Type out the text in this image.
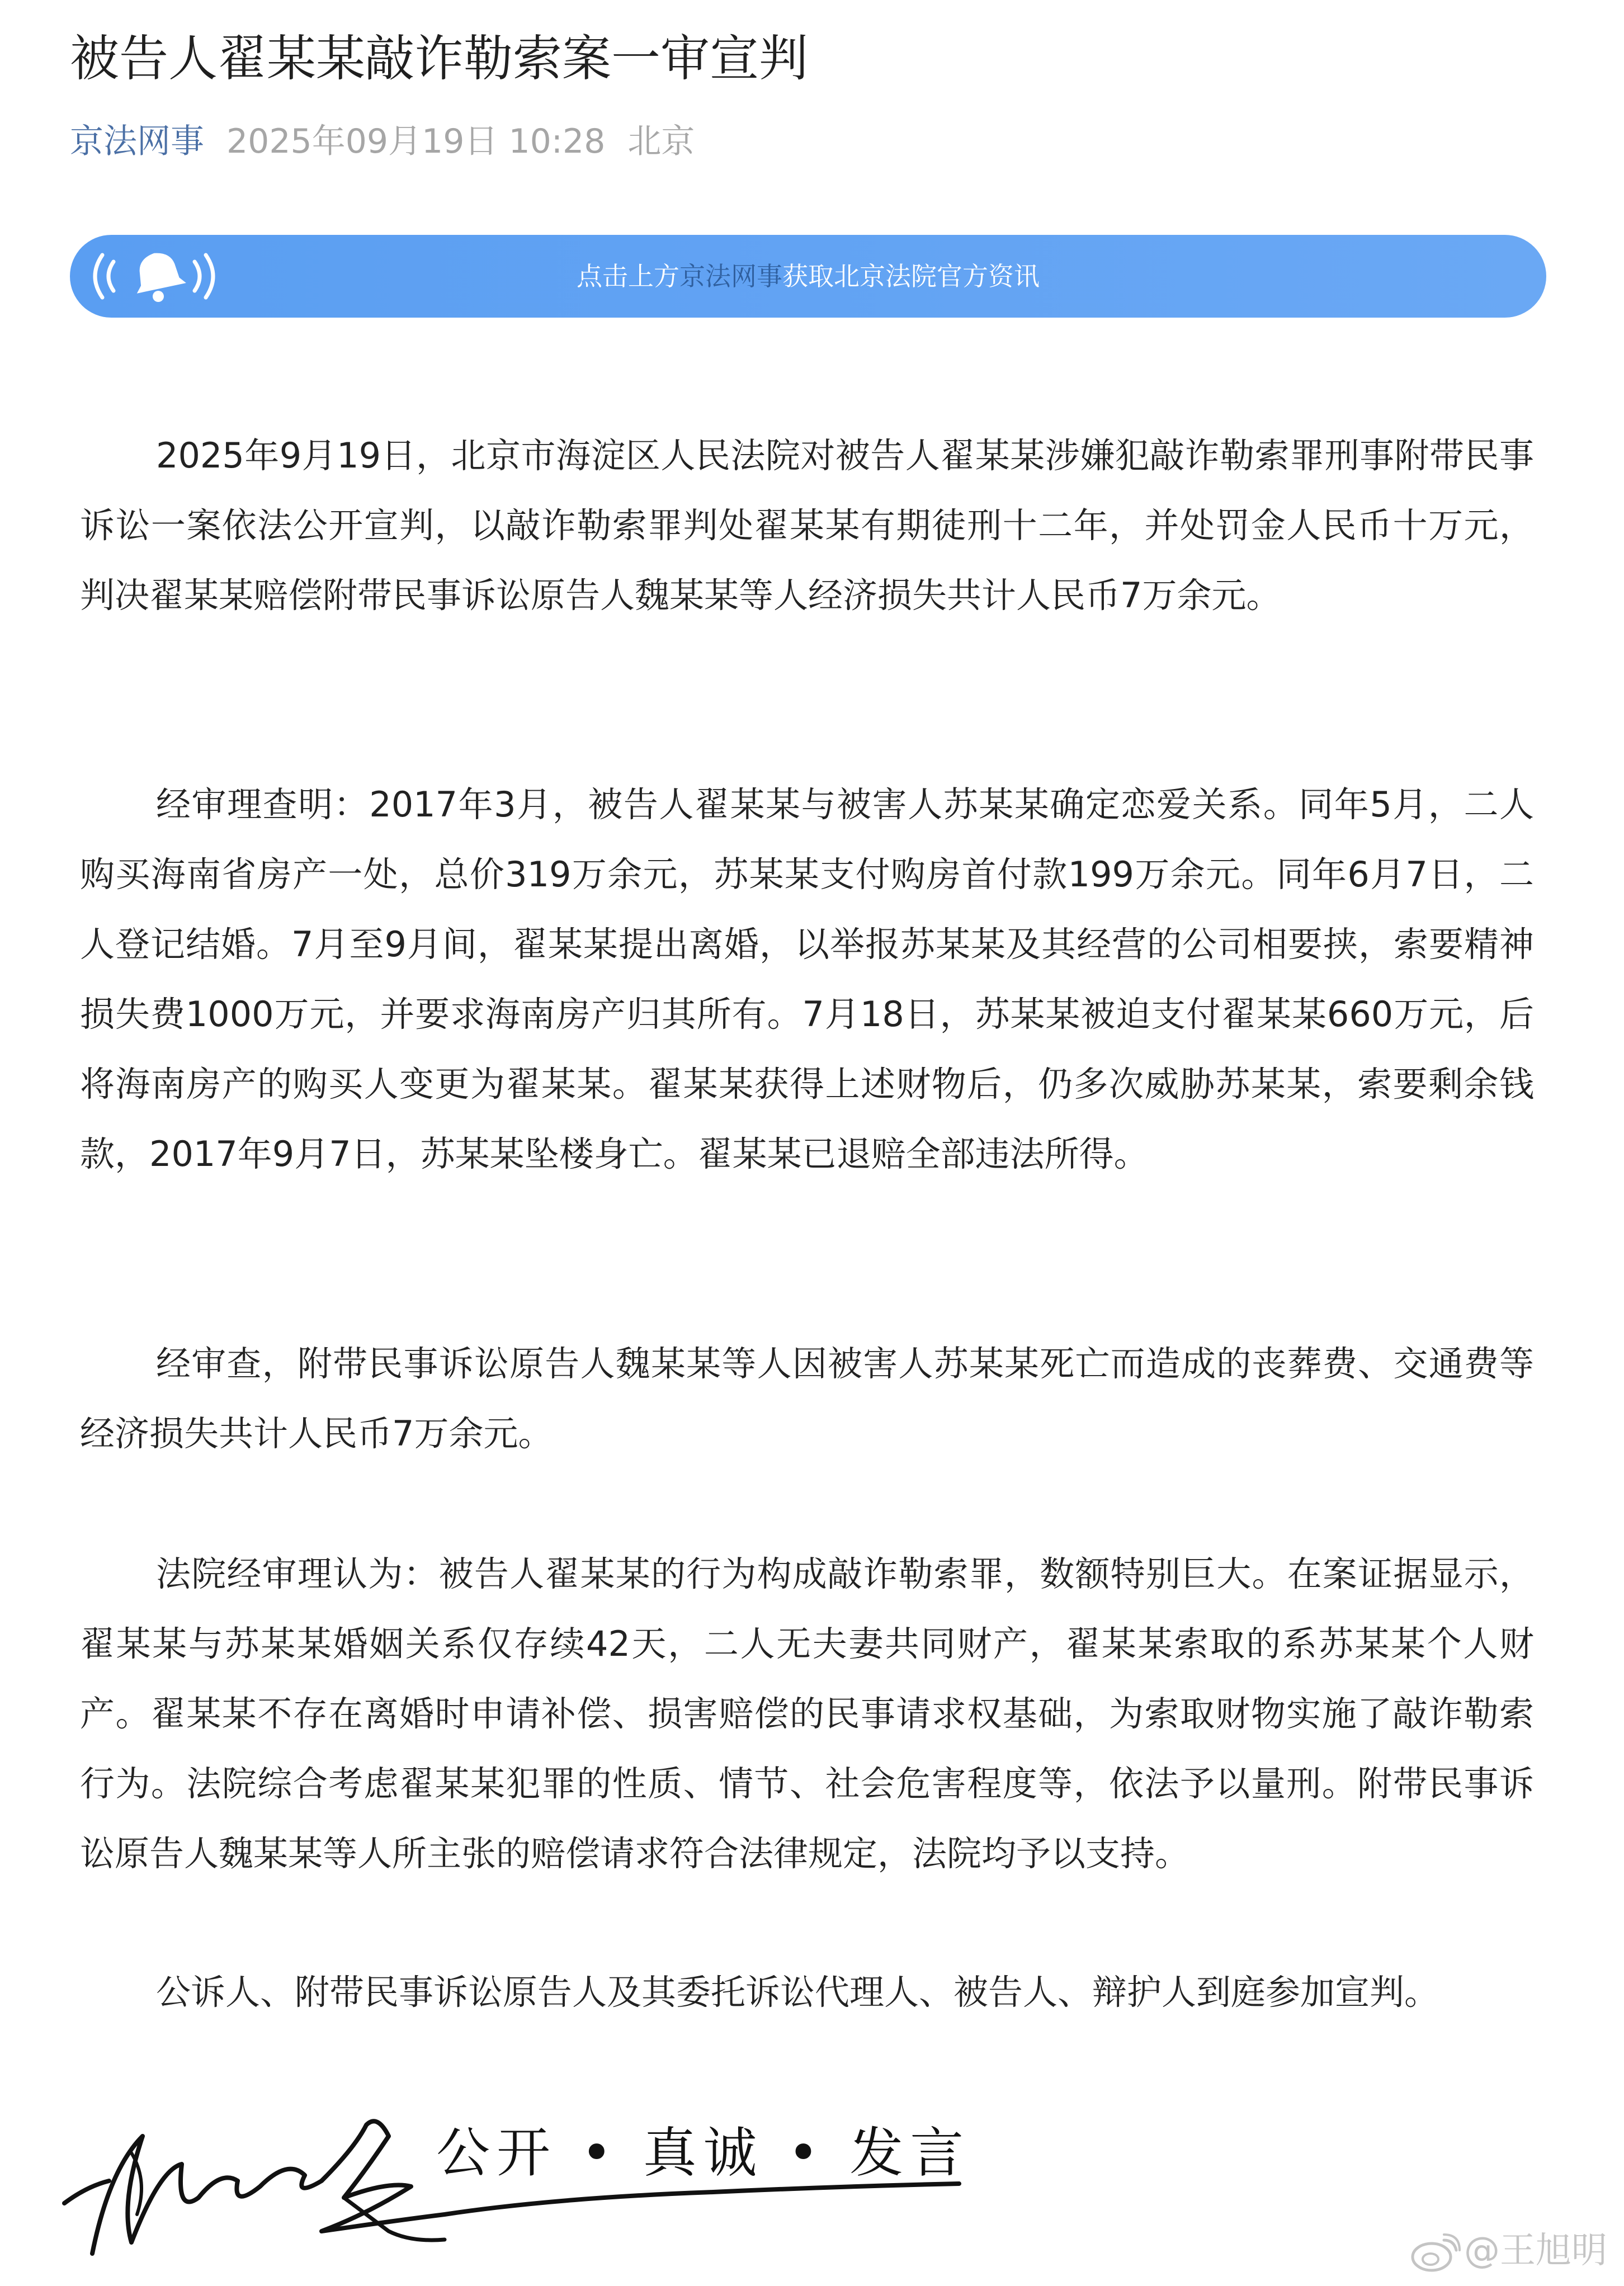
被告人翟某某敲诈勒索案一审宣判
京法网事 2025年09月19日 10:28 北京
点击上方京法网事获取北京法院官方资讯

2025年9月19日，北京市海淀区人民法院对被告人翟某某涉嫌犯敲诈勒索罪刑事附带民事诉讼一案依法公开宣判，以敲诈勒索罪判处翟某某有期徒刑十二年，并处罚金人民币十万元，判决翟某某赔偿附带民事诉讼原告人魏某某等人经济损失共计人民币7万余元。

经审理查明：2017年3月，被告人翟某某与被害人苏某某确定恋爱关系。同年5月，二人购买海南省房产一处，总价319万余元，苏某某支付购房首付款199万余元。同年6月7日，二人登记结婚。7月至9月间，翟某某提出离婚，以举报苏某某及其经营的公司相要挟，索要精神损失费1000万元，并要求海南房产归其所有。7月18日，苏某某被迫支付翟某某660万元，后将海南房产的购买人变更为翟某某。翟某某获得上述财物后，仍多次威胁苏某某，索要剩余钱款，2017年9月7日，苏某某坠楼身亡。翟某某已退赔全部违法所得。

经审查，附带民事诉讼原告人魏某某等人因被害人苏某某死亡而造成的丧葬费、交通费等经济损失共计人民币7万余元。

法院经审理认为：被告人翟某某的行为构成敲诈勒索罪，数额特别巨大。在案证据显示，翟某某与苏某某婚姻关系仅存续42天，二人无夫妻共同财产，翟某某索取的系苏某某个人财产。翟某某不存在离婚时申请补偿、损害赔偿的民事请求权基础，为索取财物实施了敲诈勒索行为。法院综合考虑翟某某犯罪的性质、情节、社会危害程度等，依法予以量刑。附带民事诉讼原告人魏某某等人所主张的赔偿请求符合法律规定，法院均予以支持。

公诉人、附带民事诉讼原告人及其委托诉讼代理人、被告人、辩护人到庭参加宣判。

公开 • 真诚 • 发言
@王旭明
